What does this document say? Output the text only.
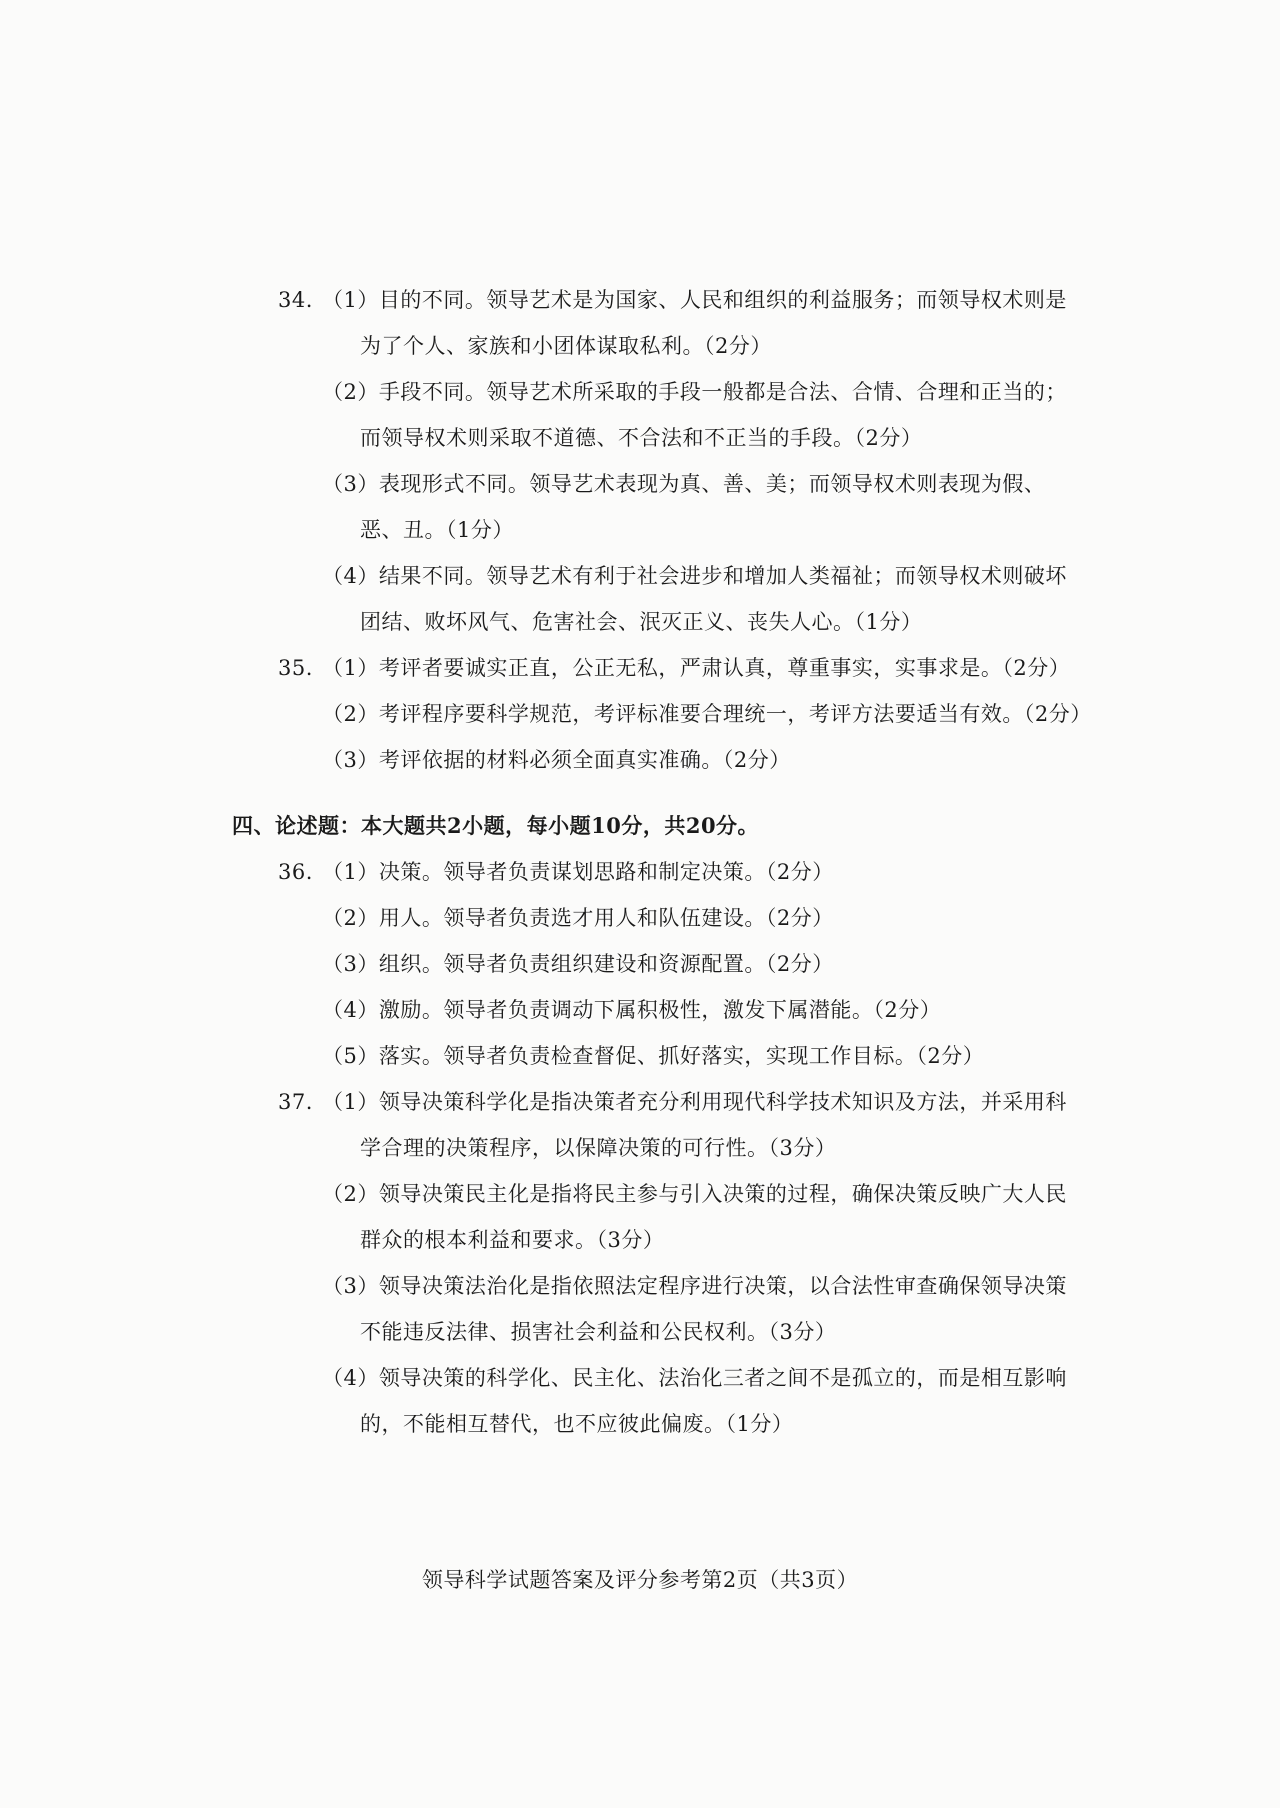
34. （1）目的不同。领导艺术是为国家、人民和组织的利益服务；而领导权术则是
为了个人、家族和小团体谋取私利。（2分）
（2）手段不同。领导艺术所采取的手段一般都是合法、合情、合理和正当的；
而领导权术则采取不道德、不合法和不正当的手段。（2分）
（3）表现形式不同。领导艺术表现为真、善、美；而领导权术则表现为假、
恶、丑。（1分）
（4）结果不同。领导艺术有利于社会进步和增加人类福祉；而领导权术则破坏
团结、败坏风气、危害社会、泯灭正义、丧失人心。（1分）
35. （1）考评者要诚实正直，公正无私，严肃认真，尊重事实，实事求是。（2分）
（2）考评程序要科学规范，考评标准要合理统一，考评方法要适当有效。（2分）
（3）考评依据的材料必须全面真实准确。（2分）
四、论述题：本大题共2小题，每小题10分，共20分。
36. （1）决策。领导者负责谋划思路和制定决策。（2分）
（2）用人。领导者负责选才用人和队伍建设。（2分）
（3）组织。领导者负责组织建设和资源配置。（2分）
（4）激励。领导者负责调动下属积极性，激发下属潜能。（2分）
（5）落实。领导者负责检查督促、抓好落实，实现工作目标。（2分）
37. （1）领导决策科学化是指决策者充分利用现代科学技术知识及方法，并采用科
学合理的决策程序，以保障决策的可行性。（3分）
（2）领导决策民主化是指将民主参与引入决策的过程，确保决策反映广大人民
群众的根本利益和要求。（3分）
（3）领导决策法治化是指依照法定程序进行决策，以合法性审查确保领导决策
不能违反法律、损害社会利益和公民权利。（3分）
（4）领导决策的科学化、民主化、法治化三者之间不是孤立的，而是相互影响
的，不能相互替代，也不应彼此偏废。（1分）
领导科学试题答案及评分参考第2页（共3页）
